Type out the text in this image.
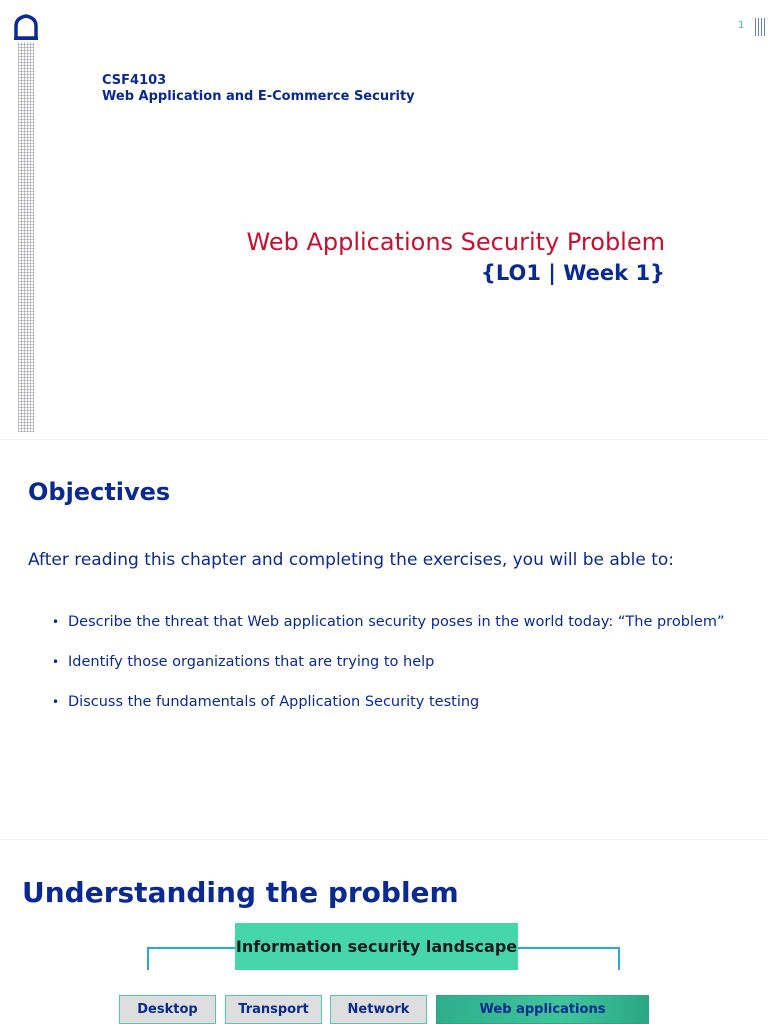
1
CSF4103
Web Application and E-Commerce Security
Web Applications Security Problem
{LO1 | Week 1}
Objectives
After reading this chapter and completing the exercises, you will be able to:
• Describe the threat that Web application security poses in the world today: “The problem”
• Identify those organizations that are trying to help
• Discuss the fundamentals of Application Security testing
Understanding the problem
Information security landscape
Desktop	Transport	Network	Web applications
